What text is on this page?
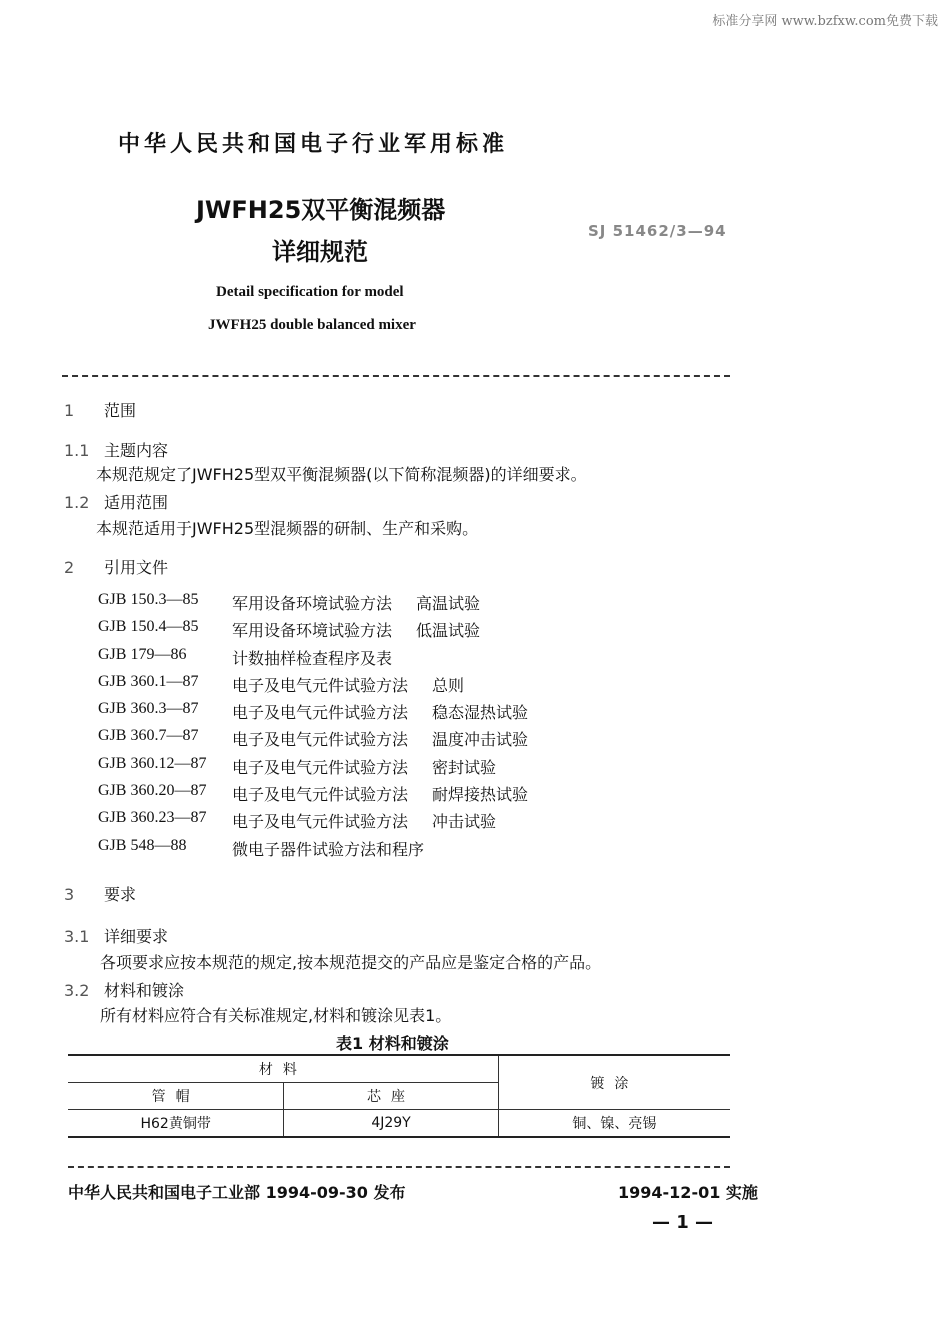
标准分享网 www.bzfxw.com免费下载
中华人民共和国电子行业军用标准
JWFH25双平衡混频器
详细规范
SJ 51462/3—94
Detail specification for model
JWFH25 double balanced mixer
1 范围
1.1 主题内容
本规范规定了JWFH25型双平衡混频器(以下简称混频器)的详细要求。
1.2 适用范围
本规范适用于JWFH25型混频器的研制、生产和采购。
2 引用文件
GJB 150.3—85 军用设备环境试验方法 高温试验
GJB 150.4—85 军用设备环境试验方法 低温试验
GJB 179—86	计数抽样检查程序及表
GJB 360.1—87 电子及电气元件试验方法 总则
GJB 360.3—87 电子及电气元件试验方法 稳态湿热试验
GJB 360.7—87 电子及电气元件试验方法 温度冲击试验
GJB 360.12—87 电子及电气元件试验方法 密封试验
GJB 360.20—87 电子及电气元件试验方法 耐焊接热试验
GJB 360.23—87 电子及电气元件试验方法 冲击试验
GJB 548—88	微电子器件试验方法和程序
3 要求
3.1 详细要求
各项要求应按本规范的规定,按本规范提交的产品应是鉴定合格的产品。
3.2 材料和镀涂
所有材料应符合有关标准规定,材料和镀涂见表1。
表1 材料和镀涂
材料		镀涂
管帽	芯座	
H62黄铜带	4J29Y	铜、镍、亮锡
中华人民共和国电子工业部 1994-09-30 发布	1994-12-01 实施
— 1 —
